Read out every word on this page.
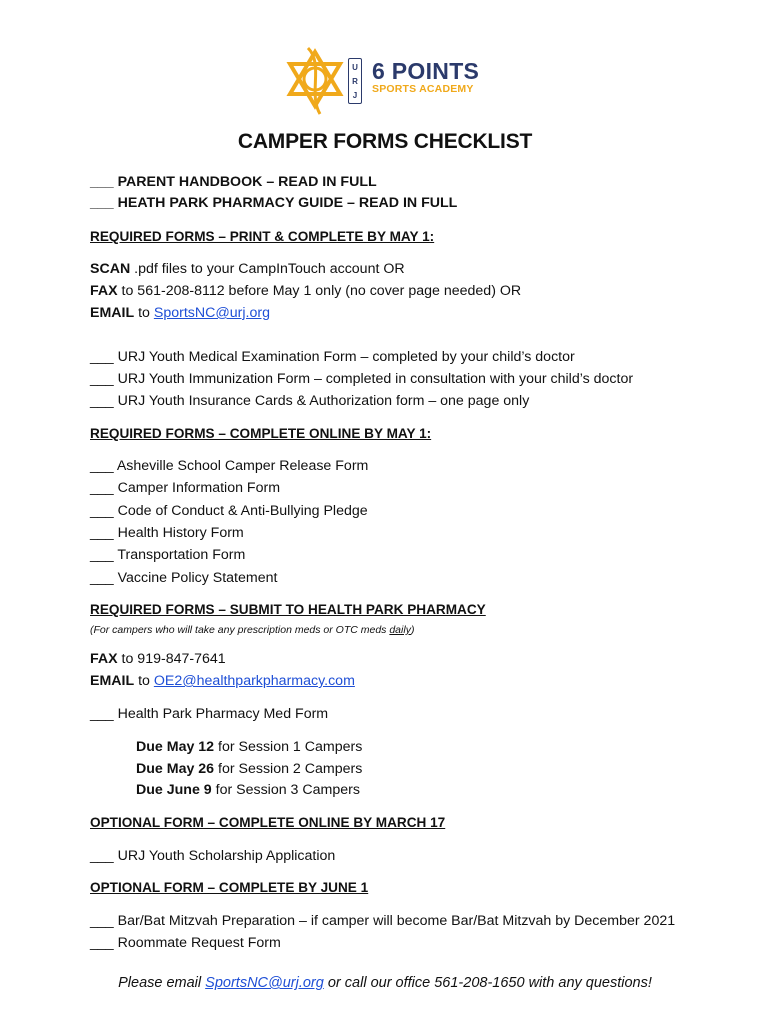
U
R
J
6 POINTS
SPORTS ACADEMY
CAMPER FORMS CHECKLIST
___ PARENT HANDBOOK – READ IN FULL
___ HEATH PARK PHARMACY GUIDE – READ IN FULL
REQUIRED FORMS – PRINT & COMPLETE BY MAY 1:
SCAN .pdf files to your CampInTouch account OR
FAX to 561-208-8112 before May 1 only (no cover page needed) OR
EMAIL to SportsNC@urj.org
___ URJ Youth Medical Examination Form – completed by your child’s doctor
___ URJ Youth Immunization Form – completed in consultation with your child’s doctor
___ URJ Youth Insurance Cards & Authorization form – one page only
REQUIRED FORMS – COMPLETE ONLINE BY MAY 1:
___ Asheville School Camper Release Form
___ Camper Information Form
___ Code of Conduct & Anti-Bullying Pledge
___ Health History Form
___ Transportation Form
___ Vaccine Policy Statement
REQUIRED FORMS – SUBMIT TO HEALTH PARK PHARMACY
(For campers who will take any prescription meds or OTC meds daily)
FAX to 919-847-7641
EMAIL to OE2@healthparkpharmacy.com
___ Health Park Pharmacy Med Form
Due May 12 for Session 1 Campers
Due May 26 for Session 2 Campers
Due June 9 for Session 3 Campers
OPTIONAL FORM – COMPLETE ONLINE BY MARCH 17
___ URJ Youth Scholarship Application
OPTIONAL FORM – COMPLETE BY JUNE 1
___ Bar/Bat Mitzvah Preparation – if camper will become Bar/Bat Mitzvah by December 2021
___ Roommate Request Form
Please email SportsNC@urj.org or call our office 561-208-1650 with any questions!
